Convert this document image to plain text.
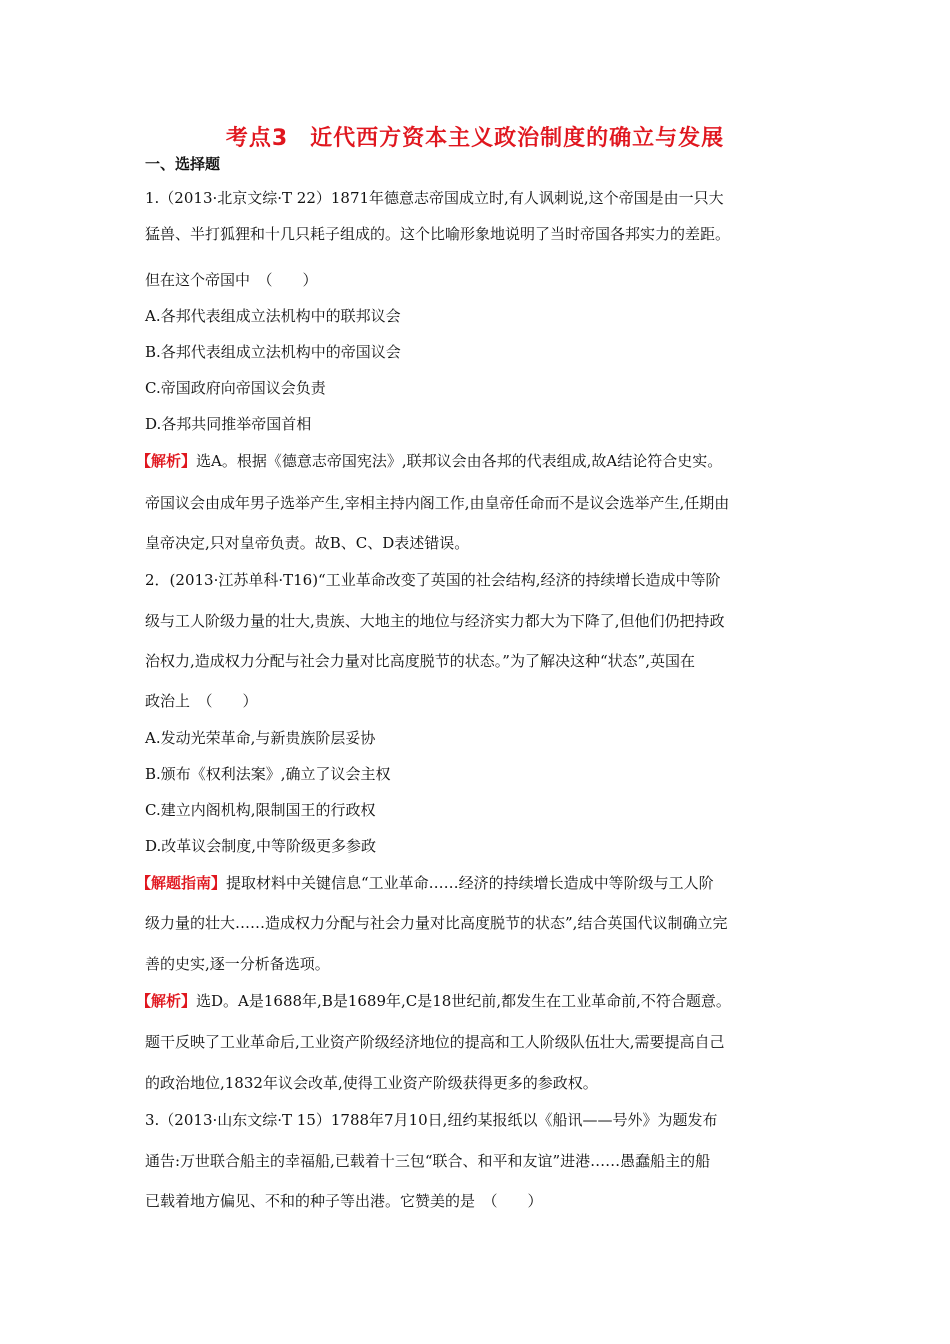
考点3 近代西方资本主义政治制度的确立与发展
一、选择题
1.（2013·北京文综·T 22）1871年德意志帝国成立时,有人讽刺说,这个帝国是由一只大
猛兽、半打狐狸和十几只耗子组成的。这个比喻形象地说明了当时帝国各邦实力的差距。
但在这个帝国中　（　　）
A.各邦代表组成立法机构中的联邦议会
B.各邦代表组成立法机构中的帝国议会
C.帝国政府向帝国议会负责
D.各邦共同推举帝国首相
【解析】选A。根据《德意志帝国宪法》,联邦议会由各邦的代表组成,故A结论符合史实。
帝国议会由成年男子选举产生,宰相主持内阁工作,由皇帝任命而不是议会选举产生,任期由
皇帝决定,只对皇帝负责。故B、C、D表述错误。
2．(2013·江苏单科·T16)“工业革命改变了英国的社会结构,经济的持续增长造成中等阶
级与工人阶级力量的壮大,贵族、大地主的地位与经济实力都大为下降了,但他们仍把持政
治权力,造成权力分配与社会力量对比高度脱节的状态。”为了解决这种“状态”,英国在
政治上　（　　）
A.发动光荣革命,与新贵族阶层妥协
B.颁布《权利法案》,确立了议会主权
C.建立内阁机构,限制国王的行政权
D.改革议会制度,中等阶级更多参政
【解题指南】提取材料中关键信息“工业革命……经济的持续增长造成中等阶级与工人阶
级力量的壮大……造成权力分配与社会力量对比高度脱节的状态”,结合英国代议制确立完
善的史实,逐一分析备选项。
【解析】选D。A是1688年,B是1689年,C是18世纪前,都发生在工业革命前,不符合题意。
题干反映了工业革命后,工业资产阶级经济地位的提高和工人阶级队伍壮大,需要提高自己
的政治地位,1832年议会改革,使得工业资产阶级获得更多的参政权。
3.（2013·山东文综·T 15）1788年7月10日,纽约某报纸以《船讯——号外》为题发布
通告:万世联合船主的幸福船,已载着十三包“联合、和平和友谊”进港……愚蠢船主的船
已载着地方偏见、不和的种子等出港。它赞美的是　（　　）
